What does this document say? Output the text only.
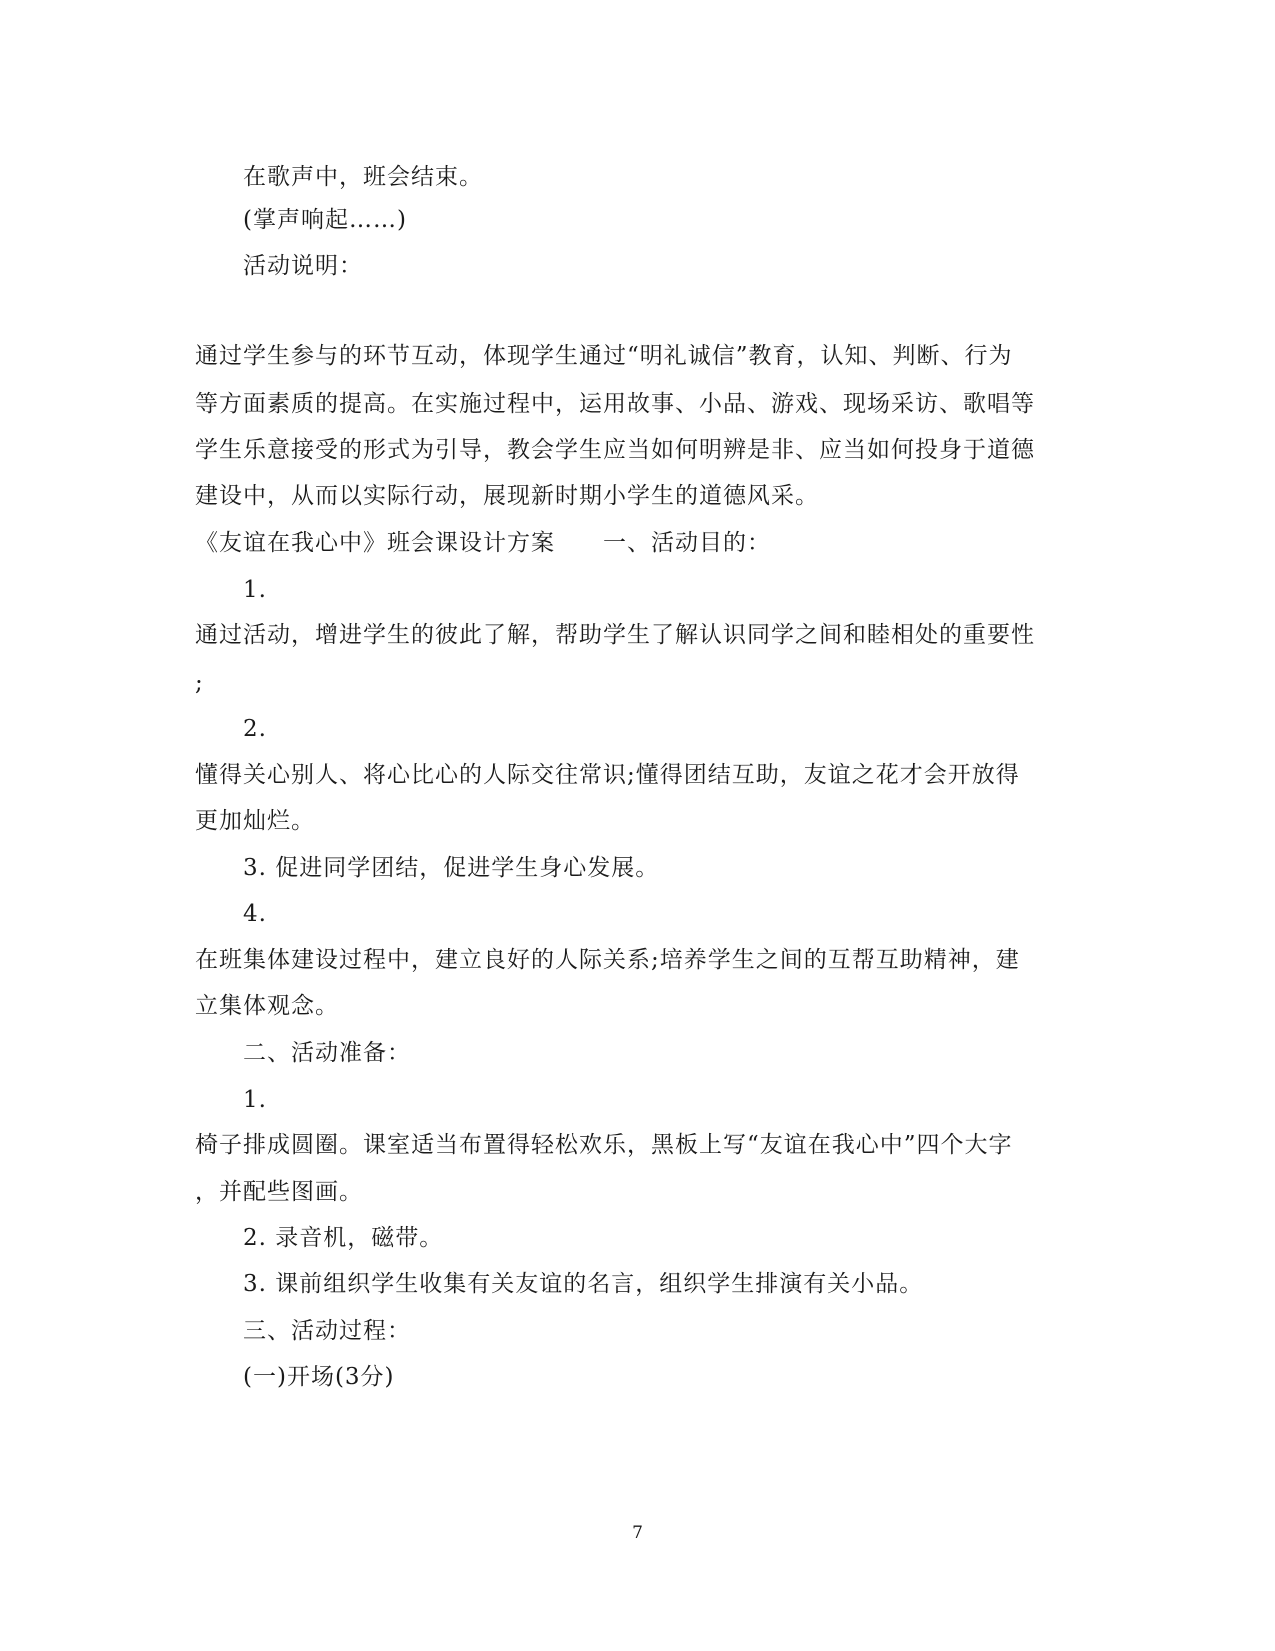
在歌声中，班会结束。
(掌声响起……)
活动说明：
通过学生参与的环节互动，体现学生通过“明礼诚信”教育，认知、判断、行为
等方面素质的提高。在实施过程中，运用故事、小品、游戏、现场采访、歌唱等
学生乐意接受的形式为引导，教会学生应当如何明辨是非、应当如何投身于道德
建设中，从而以实际行动，展现新时期小学生的道德风采。
《友谊在我心中》班会课设计方案　　一、活动目的：
1.
通过活动，增进学生的彼此了解，帮助学生了解认识同学之间和睦相处的重要性
;
2.
懂得关心别人、将心比心的人际交往常识;懂得团结互助，友谊之花才会开放得
更加灿烂。
3. 促进同学团结，促进学生身心发展。
4.
在班集体建设过程中，建立良好的人际关系;培养学生之间的互帮互助精神，建
立集体观念。
二、活动准备：
1.
椅子排成圆圈。课室适当布置得轻松欢乐，黑板上写“友谊在我心中”四个大字
，并配些图画。
2. 录音机，磁带。
3. 课前组织学生收集有关友谊的名言，组织学生排演有关小品。
三、活动过程：
(一)开场(3分)
7
